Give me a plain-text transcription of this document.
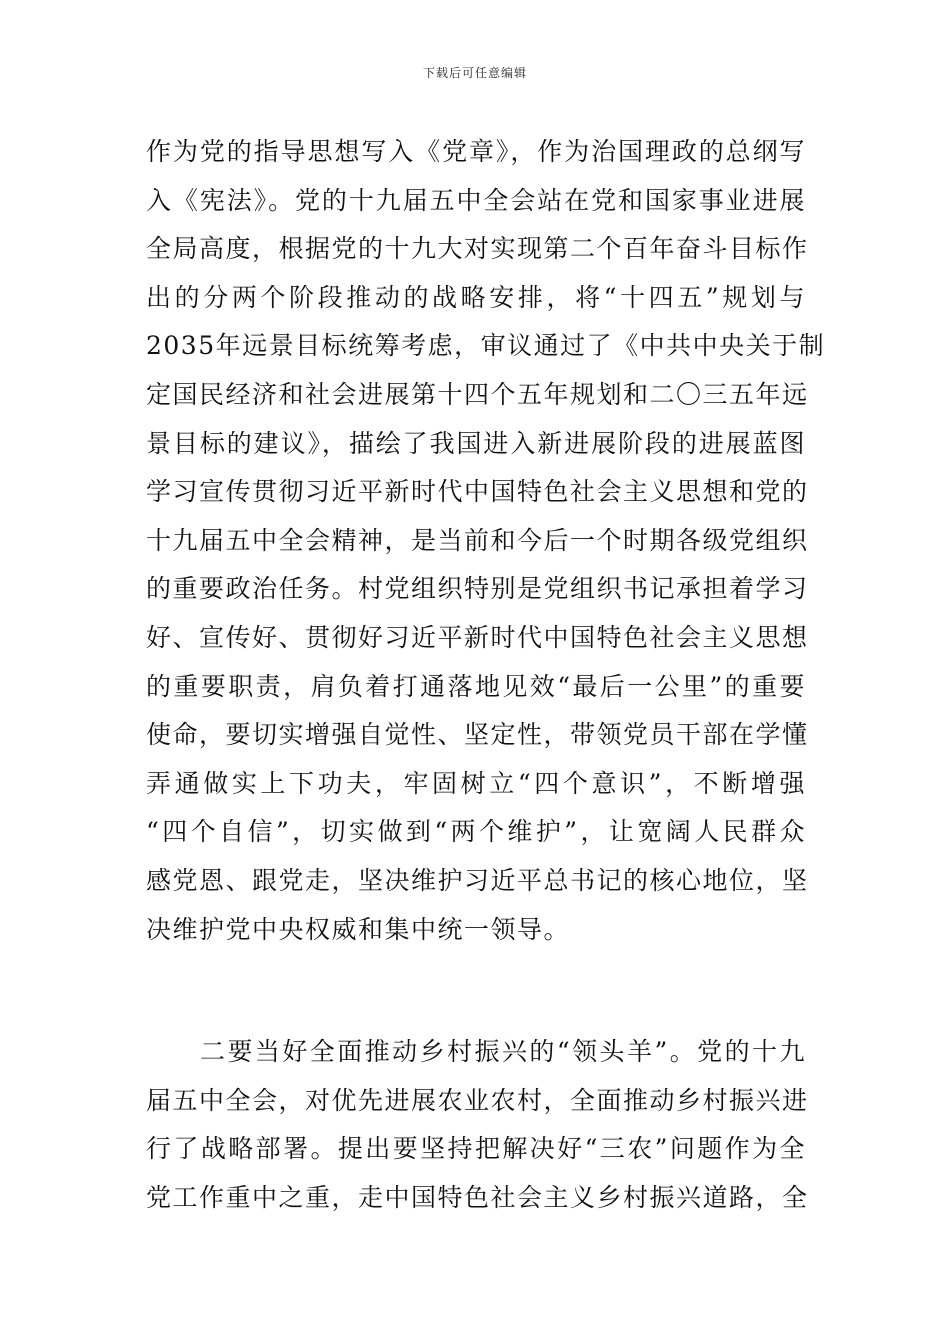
下载后可任意编辑
作为党的指导思想写入《党章》，作为治国理政的总纲写
入《宪法》。党的十九届五中全会站在党和国家事业进展
全局高度，根据党的十九大对实现第二个百年奋斗目标作
出的分两个阶段推动的战略安排，将“十四五”规划与
2035年远景目标统筹考虑，审议通过了《中共中央关于制
定国民经济和社会进展第十四个五年规划和二〇三五年远
景目标的建议》，描绘了我国进入新进展阶段的进展蓝图
学习宣传贯彻习近平新时代中国特色社会主义思想和党的
十九届五中全会精神，是当前和今后一个时期各级党组织
的重要政治任务。村党组织特别是党组织书记承担着学习
好、宣传好、贯彻好习近平新时代中国特色社会主义思想
的重要职责，肩负着打通落地见效“最后一公里”的重要
使命，要切实增强自觉性、坚定性，带领党员干部在学懂
弄通做实上下功夫，牢固树立“四个意识”，不断增强
“四个自信”，切实做到“两个维护”，让宽阔人民群众
感党恩、跟党走，坚决维护习近平总书记的核心地位，坚
决维护党中央权威和集中统一领导。
二要当好全面推动乡村振兴的“领头羊”。党的十九
届五中全会，对优先进展农业农村，全面推动乡村振兴进
行了战略部署。提出要坚持把解决好“三农”问题作为全
党工作重中之重，走中国特色社会主义乡村振兴道路，全
